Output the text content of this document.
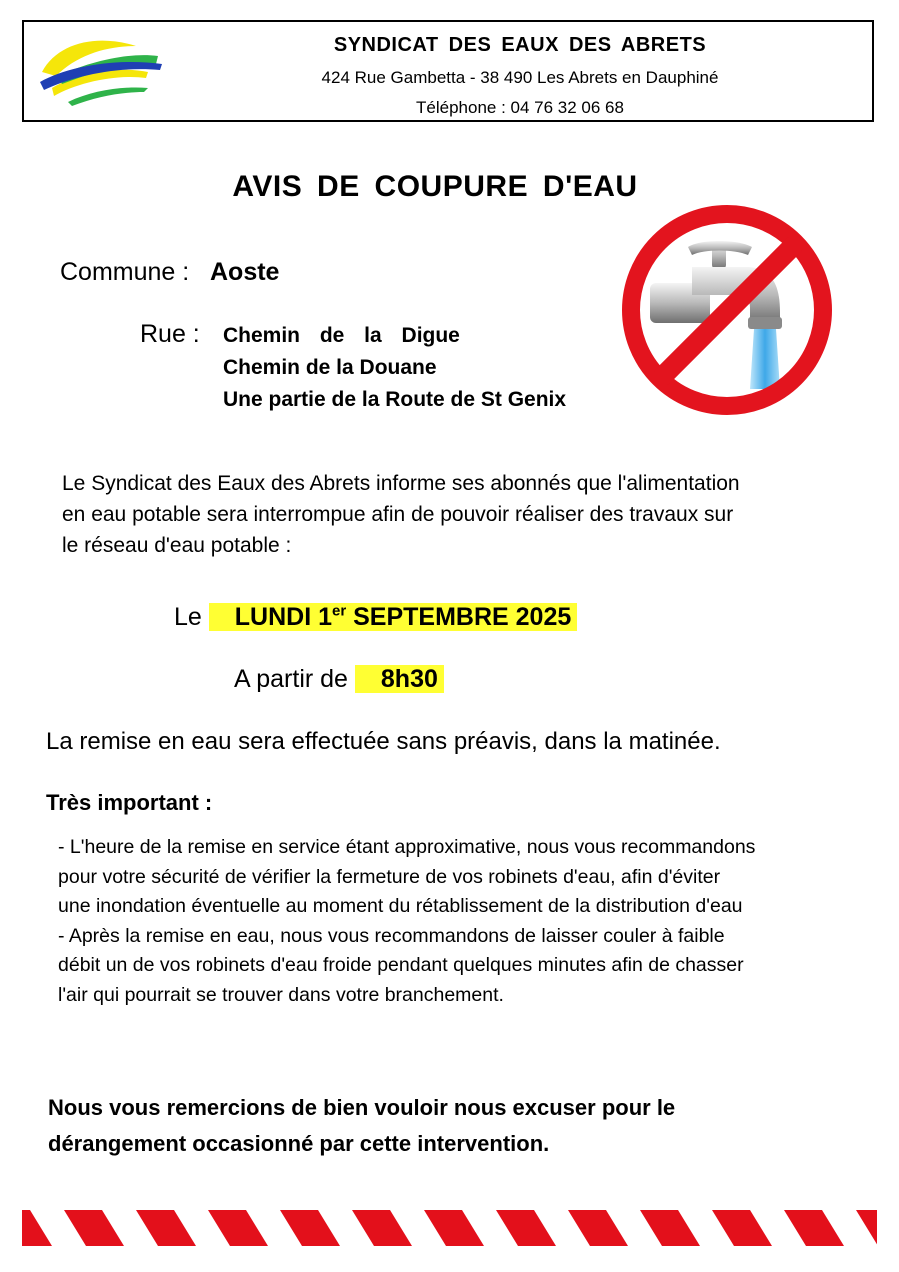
SYNDICAT DES EAUX DES ABRETS
424 Rue Gambetta - 38 490 Les Abrets en Dauphiné
Téléphone : 04 76 32 06 68
AVIS DE COUPURE D'EAU
Commune : Aoste
Rue : Chemin de la Digue
Chemin de la Douane
Une partie de la Route de St Genix
Le Syndicat des Eaux des Abrets informe ses abonnés que l'alimentation
en eau potable sera interrompue afin de pouvoir réaliser des travaux sur
le réseau d'eau potable :
Le LUNDI 1er SEPTEMBRE 2025
A partir de 8h30
La remise en eau sera effectuée sans préavis, dans la matinée.
Très important :
- L'heure de la remise en service étant approximative, nous vous recommandons
pour votre sécurité de vérifier la fermeture de vos robinets d'eau, afin d'éviter
une inondation éventuelle au moment du rétablissement de la distribution d'eau
- Après la remise en eau, nous vous recommandons de laisser couler à faible
débit un de vos robinets d'eau froide pendant quelques minutes afin de chasser
l'air qui pourrait se trouver dans votre branchement.
Nous vous remercions de bien vouloir nous excuser pour le
dérangement occasionné par cette intervention.
